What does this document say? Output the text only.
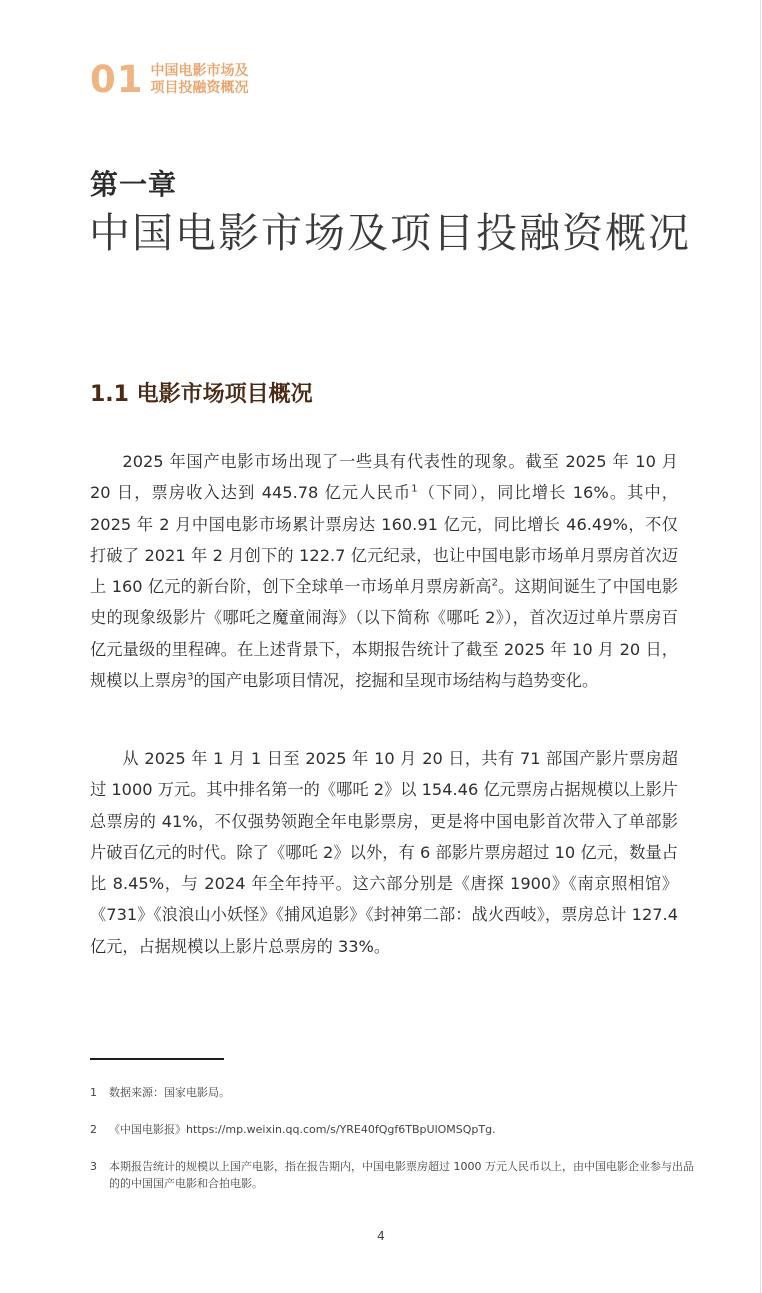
01 中国电影市场及
项目投融资概况
第一章
中国电影市场及项目投融资概况
1.1 电影市场项目概况

2025 年国产电影市场出现了一些具有代表性的现象。截至 2025 年 10 月 20 日，票房收入达到 445.78 亿元人民币$^1$（下同），同比增长 16%。其中，2025 年 2 月中国电影市场累计票房达 160.91 亿元，同比增长 46.49%，不仅打破了 2021 年 2 月创下的 122.7 亿元纪录，也让中国电影市场单月票房首次迈上 160 亿元的新台阶，创下全球单一市场单月票房新高$^2$。这期间诞生了中国电影史的现象级影片《哪吒之魔童闹海》（以下简称《哪吒 2》），首次迈过单片票房百亿元量级的里程碑。在上述背景下，本期报告统计了截至 2025 年 10 月 20 日，规模以上票房$^3$的国产电影项目情况，挖掘和呈现市场结构与趋势变化。

从 2025 年 1 月 1 日至 2025 年 10 月 20 日，共有 71 部国产影片票房超过 1000 万元。其中排名第一的《哪吒 2》以 154.46 亿元票房占据规模以上影片总票房的 41%，不仅强势领跑全年电影票房，更是将中国电影首次带入了单部影片破百亿元的时代。除了《哪吒 2》以外，有 6 部影片票房超过 10 亿元，数量占比 8.45%，与 2024 年全年持平。这六部分别是《唐探 1900》《南京照相馆》《731》《浪浪山小妖怪》《捕风追影》《封神第二部：战火西岐》，票房总计 127.4 亿元，占据规模以上影片总票房的 33%。

1	数据来源：国家电影局。
2	《中国电影报》https://mp.weixin.qq.com/s/YRE40fQgf6TBpUlOMSQpTg.
3	本期报告统计的规模以上国产电影，指在报告期内，中国电影票房超过 1000 万元人民币以上，由中国电影企业参与出品的的中国国产电影和合拍电影。
4
